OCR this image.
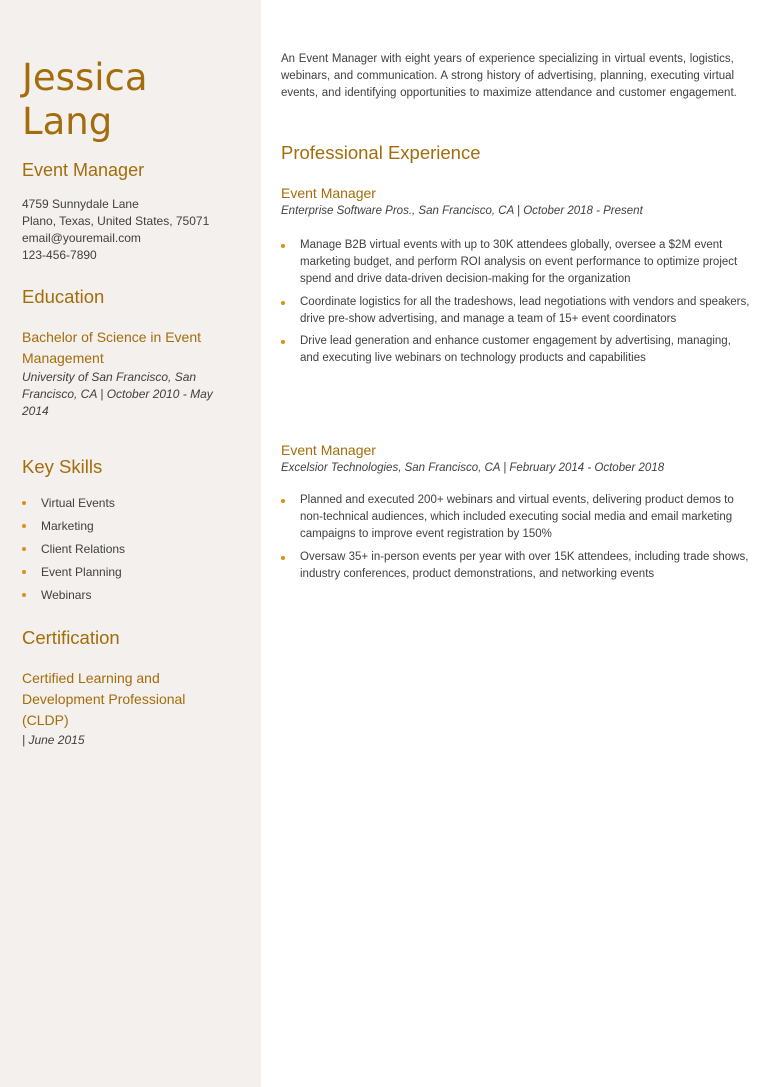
Jessica
Lang
Event Manager
4759 Sunnydale Lane
Plano, Texas, United States, 75071
email@youremail.com
123-456-7890
Education
Bachelor of Science in Event Management
University of San Francisco, San Francisco, CA | October 2010 - May 2014
Key Skills
Virtual Events
Marketing
Client Relations
Event Planning
Webinars
Certification
Certified Learning and Development Professional (CLDP)
| June 2015
An Event Manager with eight years of experience specializing in virtual events, logistics, webinars, and communication. A strong history of advertising, planning, executing virtual events, and identifying opportunities to maximize attendance and customer engagement.
Professional Experience
Event Manager
Enterprise Software Pros., San Francisco, CA | October 2018 - Present
Manage B2B virtual events with up to 30K attendees globally, oversee a $2M event marketing budget, and perform ROI analysis on event performance to optimize project spend and drive data-driven decision-making for the organization
Coordinate logistics for all the tradeshows, lead negotiations with vendors and speakers, drive pre-show advertising, and manage a team of 15+ event coordinators
Drive lead generation and enhance customer engagement by advertising, managing, and executing live webinars on technology products and capabilities
Event Manager
Excelsior Technologies, San Francisco, CA | February 2014 - October 2018
Planned and executed 200+ webinars and virtual events, delivering product demos to non-technical audiences, which included executing social media and email marketing campaigns to improve event registration by 150%
Oversaw 35+ in-person events per year with over 15K attendees, including trade shows, industry conferences, product demonstrations, and networking events
